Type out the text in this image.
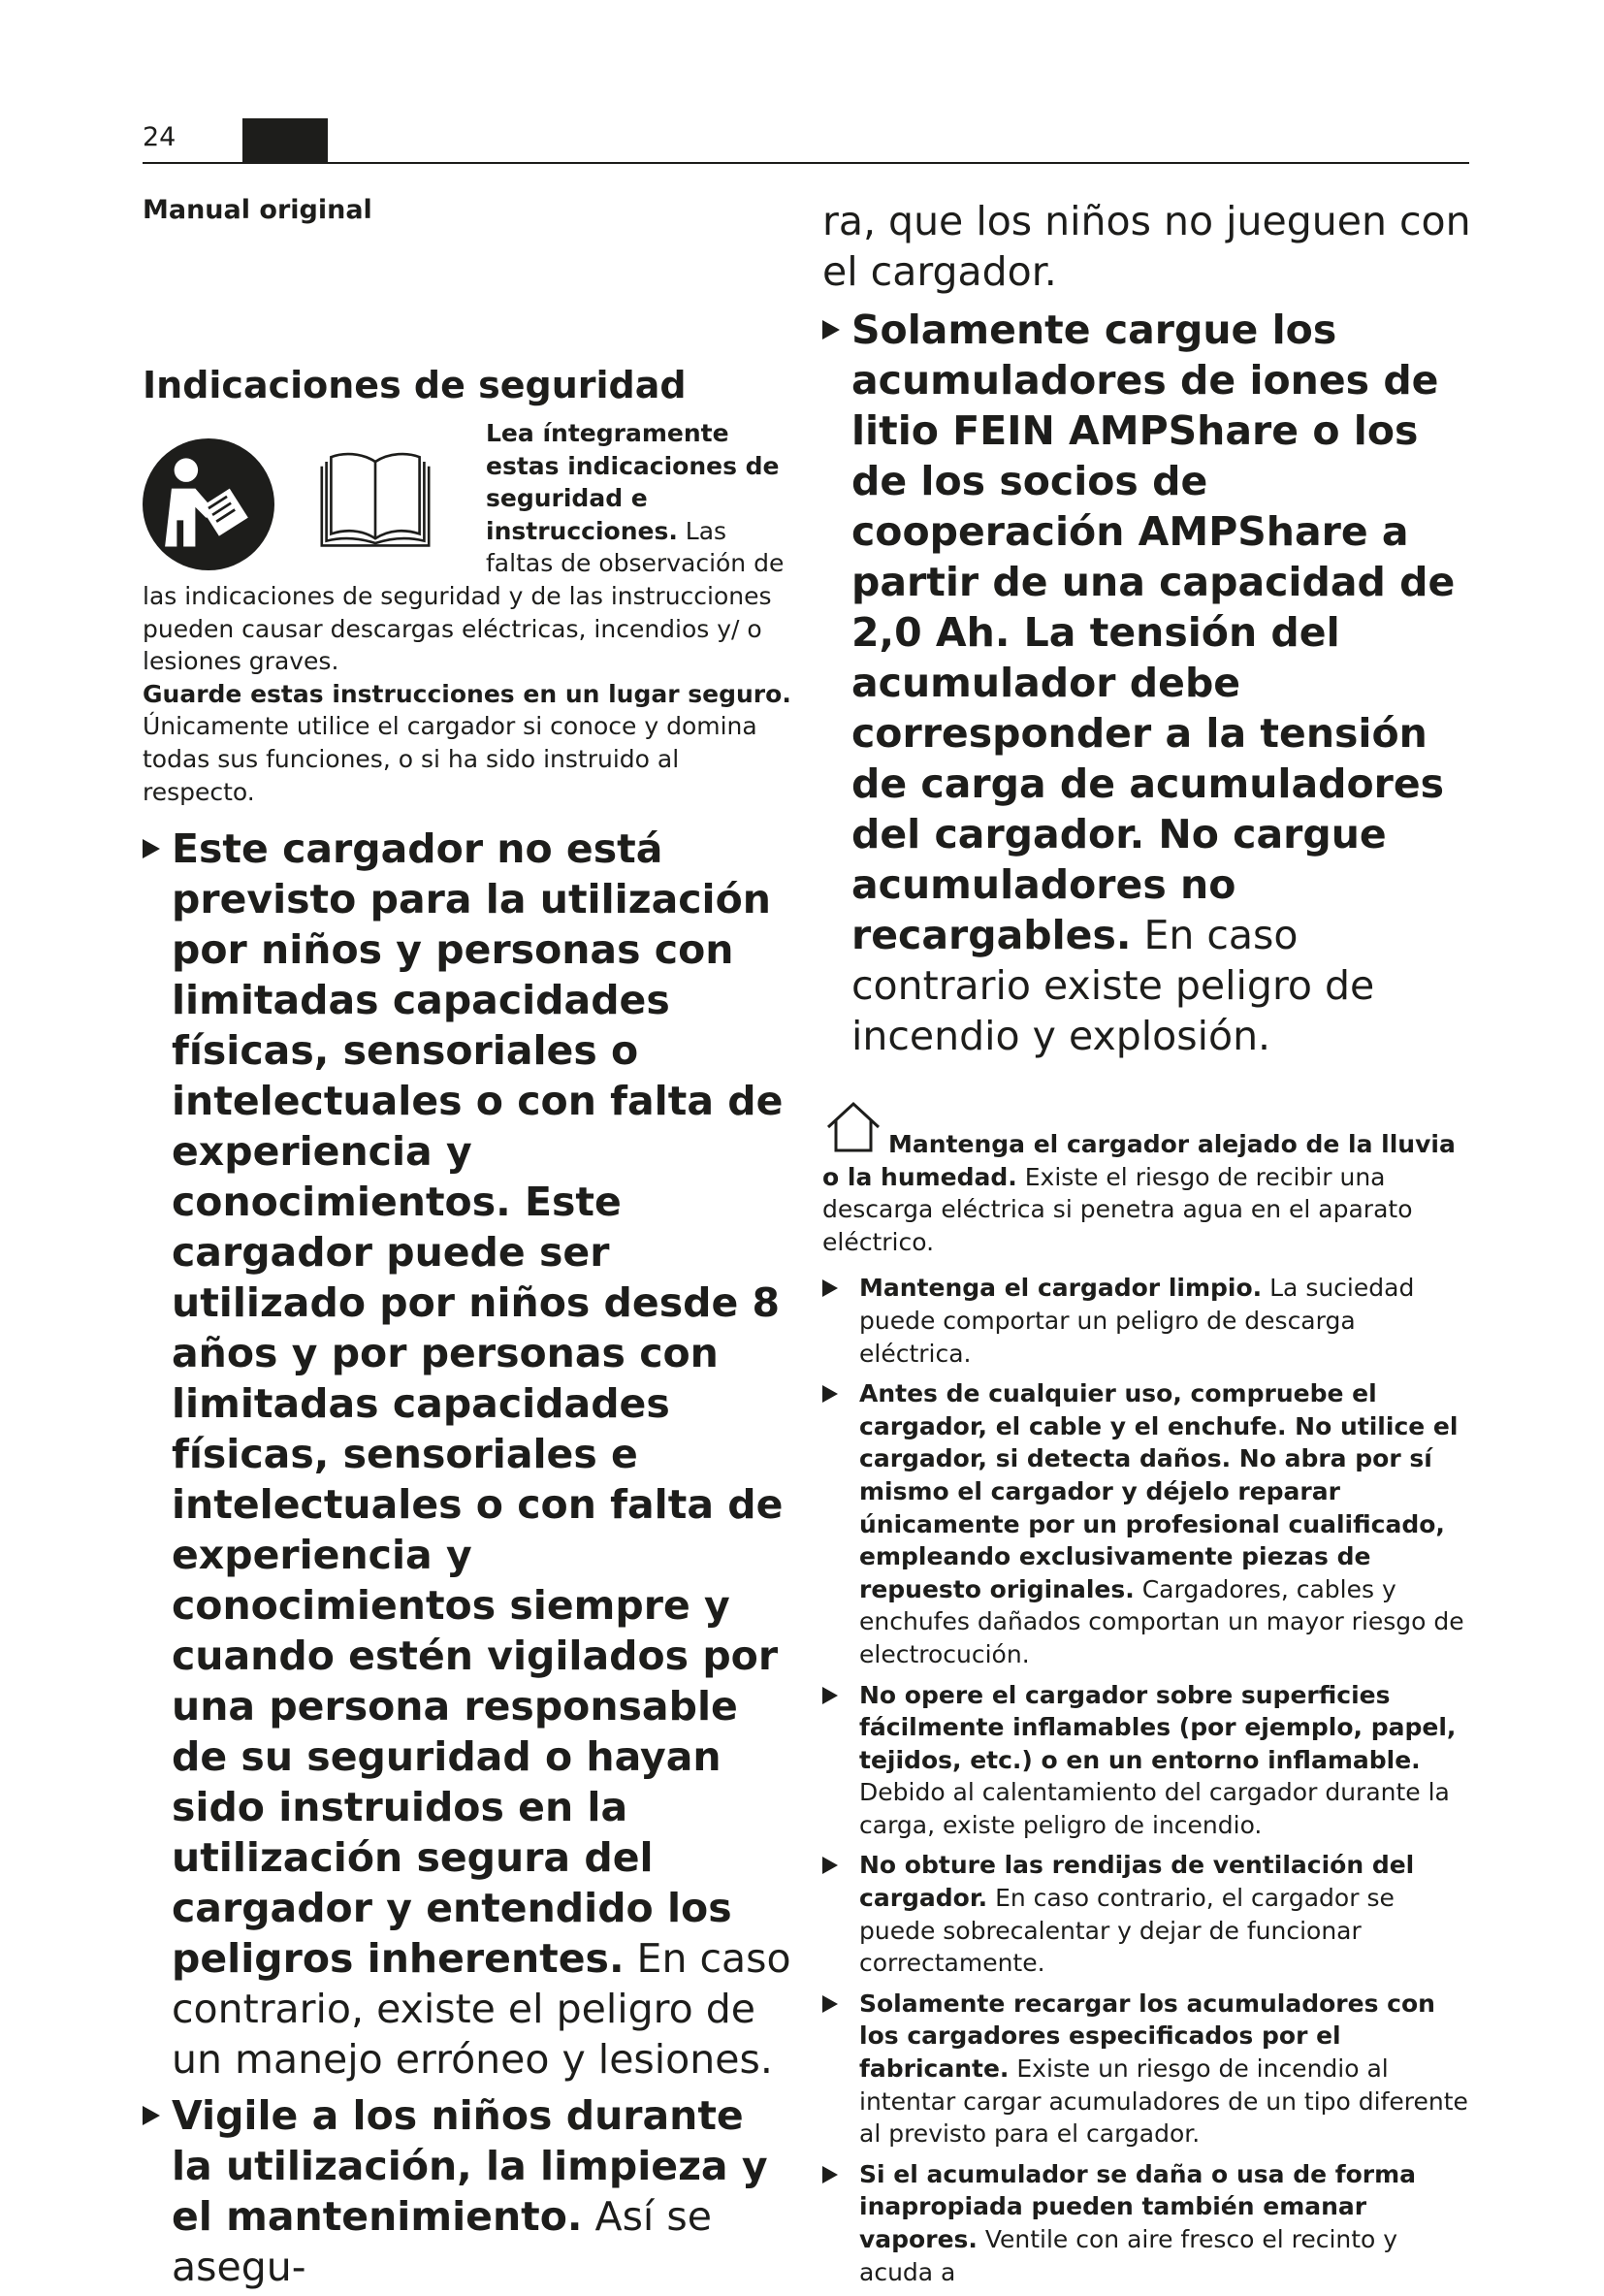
24

Manual original

Indicaciones de seguridad

Lea íntegramente estas indicaciones de seguridad e instrucciones. Las faltas de observación de las indicaciones de seguridad y de las instrucciones pueden causar descargas eléctricas, incendios y/ o lesiones graves.

Guarde estas instrucciones en un lugar seguro.

Únicamente utilice el cargador si conoce y domina todas sus funciones, o si ha sido instruido al respecto.

Este cargador no está previsto para la utilización por niños y personas con limitadas capacidades físicas, sensoriales o intelectuales o con falta de experiencia y conocimientos. Este cargador puede ser utilizado por niños desde 8 años y por personas con limitadas capacidades físicas, sensoriales e intelectuales o con falta de experiencia y conocimientos siempre y cuando estén vigilados por una persona responsable de su seguridad o hayan sido instruidos en la utilización segura del cargador y entendido los peligros inherentes. En caso contrario, existe el peligro de un manejo erróneo y lesiones.
Vigile a los niños durante la utilización, la limpieza y el mantenimiento. Así se asegu-

ra, que los niños no jueguen con el cargador.

Solamente cargue los acumuladores de iones de litio FEIN AMPShare o los de los socios de cooperación AMPShare a partir de una capacidad de 2,0 Ah. La tensión del acumulador debe corresponder a la tensión de carga de acumuladores del cargador. No cargue acumuladores no recargables. En caso contrario existe peligro de incendio y explosión.

Mantenga el cargador alejado de la lluvia o la humedad. Existe el riesgo de recibir una descarga eléctrica si penetra agua en el aparato eléctrico.

Mantenga el cargador limpio. La suciedad puede comportar un peligro de descarga eléctrica.
Antes de cualquier uso, compruebe el cargador, el cable y el enchufe. No utilice el cargador, si detecta daños. No abra por sí mismo el cargador y déjelo reparar únicamente por un profesional cualificado, empleando exclusivamente piezas de repuesto originales. Cargadores, cables y enchufes dañados comportan un mayor riesgo de electrocución.
No opere el cargador sobre superficies fácilmente inflamables (por ejemplo, papel, tejidos, etc.) o en un entorno inflamable. Debido al calentamiento del cargador durante la carga, existe peligro de incendio.
No obture las rendijas de ventilación del cargador. En caso contrario, el cargador se puede sobrecalentar y dejar de funcionar correctamente.
Solamente recargar los acumuladores con los cargadores especificados por el fabricante. Existe un riesgo de incendio al intentar cargar acumuladores de un tipo diferente al previsto para el cargador.
Si el acumulador se daña o usa de forma inapropiada pueden también emanar vapores. Ventile con aire fresco el recinto y acuda a
